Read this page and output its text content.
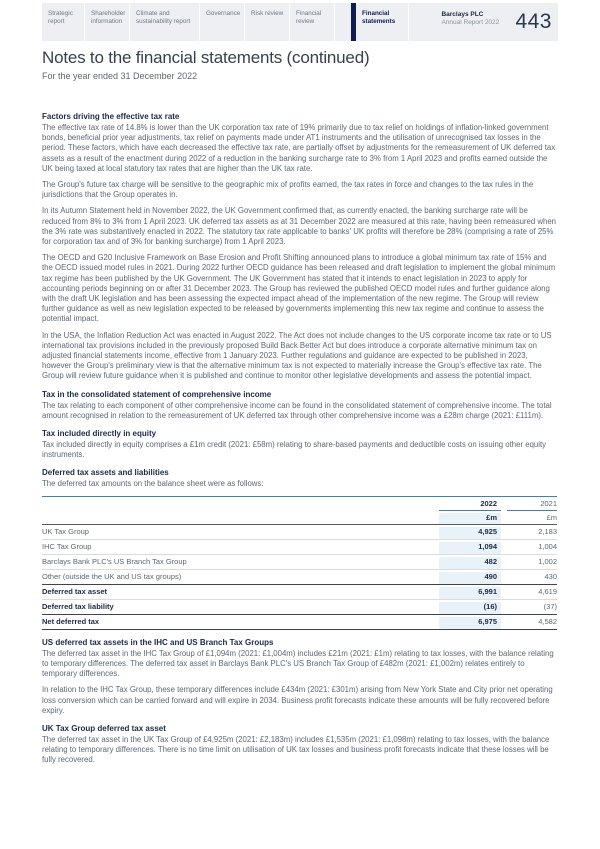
Strategic report
Shareholder information
Climate and sustainability report
Governance	Risk review	Financial review
Financial statements
Barclays PLC
Annual Report 2022 443
Notes to the financial statements (continued)
For the year ended 31 December 2022
Factors driving the effective tax rate

The effective tax rate of 14.8% is lower than the UK corporation tax rate of 19% primarily due to tax relief on holdings of inflation-linked government bonds, beneficial prior year adjustments, tax relief on payments made under AT1 instruments and the utilisation of unrecognised tax losses in the period. These factors, which have each decreased the effective tax rate, are partially offset by adjustments for the remeasurement of UK deferred tax assets as a result of the enactment during 2022 of a reduction in the banking surcharge rate to 3% from 1 April 2023 and profits earned outside the UK being taxed at local statutory tax rates that are higher than the UK tax rate.

The Group's future tax charge will be sensitive to the geographic mix of profits earned, the tax rates in force and changes to the tax rules in the jurisdictions that the Group operates in.

In its Autumn Statement held in November 2022, the UK Government confirmed that, as currently enacted, the banking surcharge rate will be reduced from 8% to 3% from 1 April 2023. UK deferred tax assets as at 31 December 2022 are measured at this rate, having been remeasured when the 3% rate was substantively enacted in 2022. The statutory tax rate applicable to banks' UK profits will therefore be 28% (comprising a rate of 25% for corporation tax and of 3% for banking surcharge) from 1 April 2023.

The OECD and G20 Inclusive Framework on Base Erosion and Profit Shifting announced plans to introduce a global minimum tax rate of 15% and the OECD issued model rules in 2021. During 2022 further OECD guidance has been released and draft legislation to implement the global minimum tax regime has been published by the UK Government. The UK Government has stated that it intends to enact legislation in 2023 to apply for accounting periods beginning on or after 31 December 2023. The Group has reviewed the published OECD model rules and further guidance along with the draft UK legislation and has been assessing the expected impact ahead of the implementation of the new regime. The Group will review further guidance as well as new legislation expected to be released by governments implementing this new tax regime and continue to assess the potential impact.

In the USA, the Inflation Reduction Act was enacted in August 2022. The Act does not include changes to the US corporate income tax rate or to US international tax provisions included in the previously proposed Build Back Better Act but does introduce a corporate alternative minimum tax on adjusted financial statements income, effective from 1 January 2023. Further regulations and guidance are expected to be published in 2023, however the Group's preliminary view is that the alternative minimum tax is not expected to materially increase the Group's effective tax rate. The Group will review future guidance when it is published and continue to monitor other legislative developments and assess the potential impact.

Tax in the consolidated statement of comprehensive income

The tax relating to each component of other comprehensive income can be found in the consolidated statement of comprehensive income. The total amount recognised in relation to the remeasurement of UK deferred tax through other comprehensive income was a £28m charge (2021: £111m).

Tax included directly in equity

Tax included directly in equity comprises a £1m credit (2021: £58m) relating to share-based payments and deductible costs on issuing other equity instruments.

Deferred tax assets and liabilities

The deferred tax amounts on the balance sheet were as follows:

2022	2021
£m	£m
UK Tax Group	4,925	2,183
IHC Tax Group	1,094	1,004
Barclays Bank PLC's US Branch Tax Group	482	1,002
Other (outside the UK and US tax groups)	490	430
Deferred tax asset	6,991	4,619
Deferred tax liability	(16)	(37)
Net deferred tax	6,975	4,582
US deferred tax assets in the IHC and US Branch Tax Groups

The deferred tax asset in the IHC Tax Group of £1,094m (2021: £1,004m) includes £21m (2021: £1m) relating to tax losses, with the balance relating to temporary differences. The deferred tax asset in Barclays Bank PLC's US Branch Tax Group of £482m (2021: £1,002m) relates entirely to temporary differences.

In relation to the IHC Tax Group, these temporary differences include £434m (2021: £301m) arising from New York State and City prior net operating loss conversion which can be carried forward and will expire in 2034. Business profit forecasts indicate these amounts will be fully recovered before expiry.

UK Tax Group deferred tax asset

The deferred tax asset in the UK Tax Group of £4,925m (2021: £2,183m) includes £1,535m (2021: £1,098m) relating to tax losses, with the balance relating to temporary differences. There is no time limit on utilisation of UK tax losses and business profit forecasts indicate that these losses will be fully recovered.
